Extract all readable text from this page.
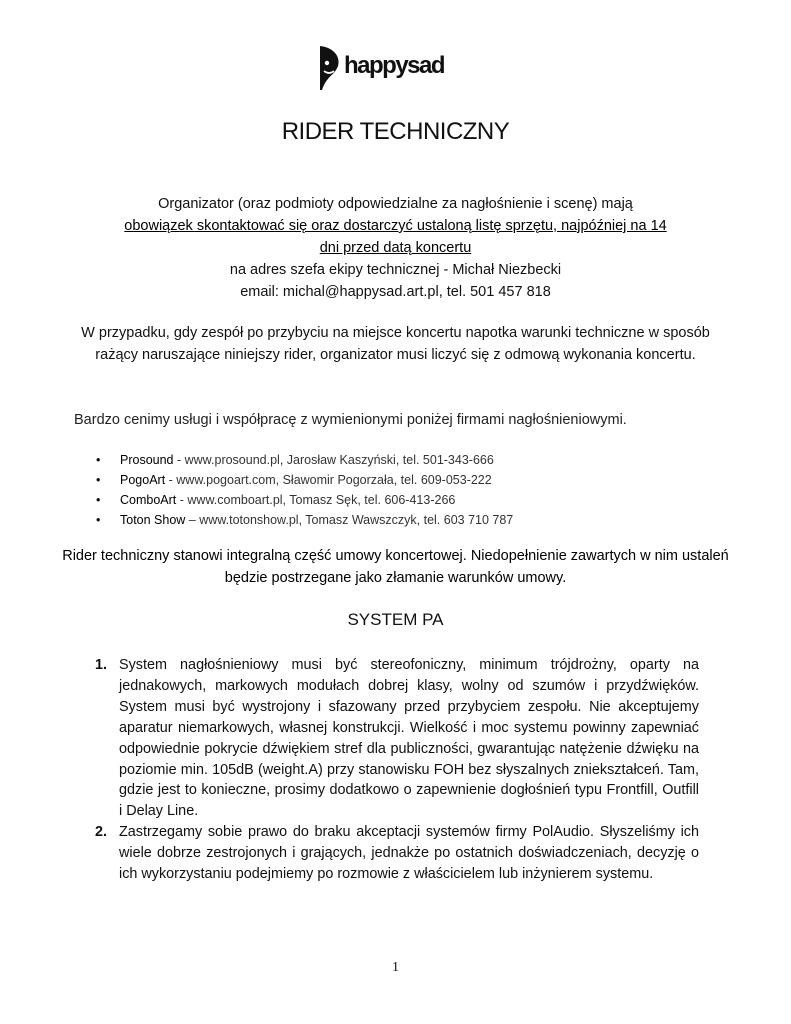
happysad
RIDER TECHNICZNY
Organizator (oraz podmioty odpowiedzialne za nagłośnienie i scenę) mają
obowiązek skontaktować się oraz dostarczyć ustaloną listę sprzętu, najpóźniej na 14
dni przed datą koncertu
na adres szefa ekipy technicznej - Michał Niezbecki
email: michal@happysad.art.pl, tel. 501 457 818
W przypadku, gdy zespół po przybyciu na miejsce koncertu napotka warunki techniczne w sposób rażący naruszające niniejszy rider, organizator musi liczyć się z odmową wykonania koncertu.
Bardzo cenimy usługi i współpracę z wymienionymi poniżej firmami nagłośnieniowymi.
• Prosound - www.prosound.pl, Jarosław Kaszyński, tel. 501-343-666
• PogoArt - www.pogoart.com, Sławomir Pogorzała, tel. 609-053-222
• ComboArt - www.comboart.pl, Tomasz Sęk, tel. 606-413-266
• Toton Show – www.totonshow.pl, Tomasz Wawszczyk, tel. 603 710 787
Rider techniczny stanowi integralną część umowy koncertowej. Niedopełnienie zawartych w nim ustaleń będzie postrzegane jako złamanie warunków umowy.
SYSTEM PA
1. System nagłośnieniowy musi być stereofoniczny, minimum trójdrożny, oparty na jednakowych, markowych modułach dobrej klasy, wolny od szumów i przydźwięków. System musi być wystrojony i sfazowany przed przybyciem zespołu. Nie akceptujemy aparatur niemarkowych, własnej konstrukcji. Wielkość i moc systemu powinny zapewniać odpowiednie pokrycie dźwiękiem stref dla publiczności, gwarantując natężenie dźwięku na poziomie min. 105dB (weight.A) przy stanowisku FOH bez słyszalnych zniekształceń. Tam, gdzie jest to konieczne, prosimy dodatkowo o zapewnienie dogłośnień typu Frontfill, Outfill i Delay Line.
2. Zastrzegamy sobie prawo do braku akceptacji systemów firmy PolAudio. Słyszeliśmy ich wiele dobrze zestrojonych i grających, jednakże po ostatnich doświadczeniach, decyzję o ich wykorzystaniu podejmiemy po rozmowie z właścicielem lub inżynierem systemu.
1
